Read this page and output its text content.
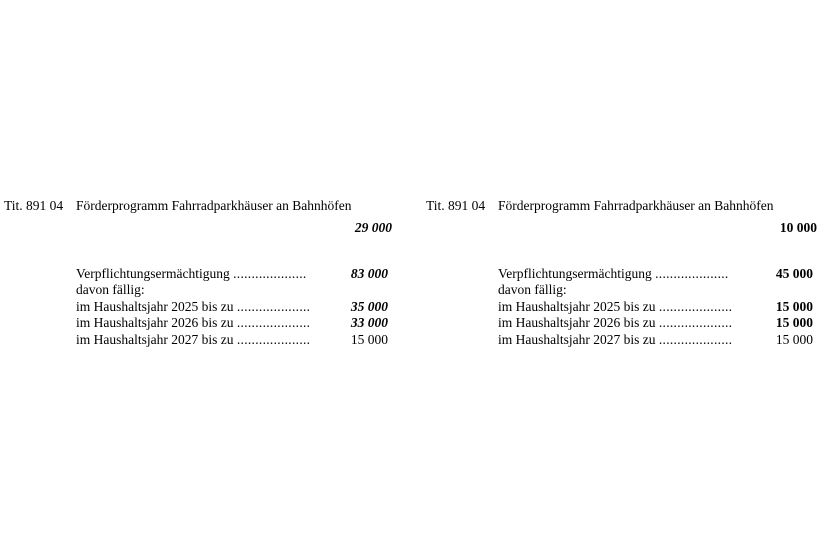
Tit. 891 04 Förderprogramm Fahrradparkhäuser an Bahnhöfen
29 000
Verpflichtungsermächtigung ....................	83 000
davon fällig:
im Haushaltsjahr 2025 bis zu ....................	35 000
im Haushaltsjahr 2026 bis zu ....................	33 000
im Haushaltsjahr 2027 bis zu ....................	15 000
Tit. 891 04 Förderprogramm Fahrradparkhäuser an Bahnhöfen
10 000
Verpflichtungsermächtigung ....................	45 000
davon fällig:
im Haushaltsjahr 2025 bis zu ....................	15 000
im Haushaltsjahr 2026 bis zu ....................	15 000
im Haushaltsjahr 2027 bis zu ....................	15 000
